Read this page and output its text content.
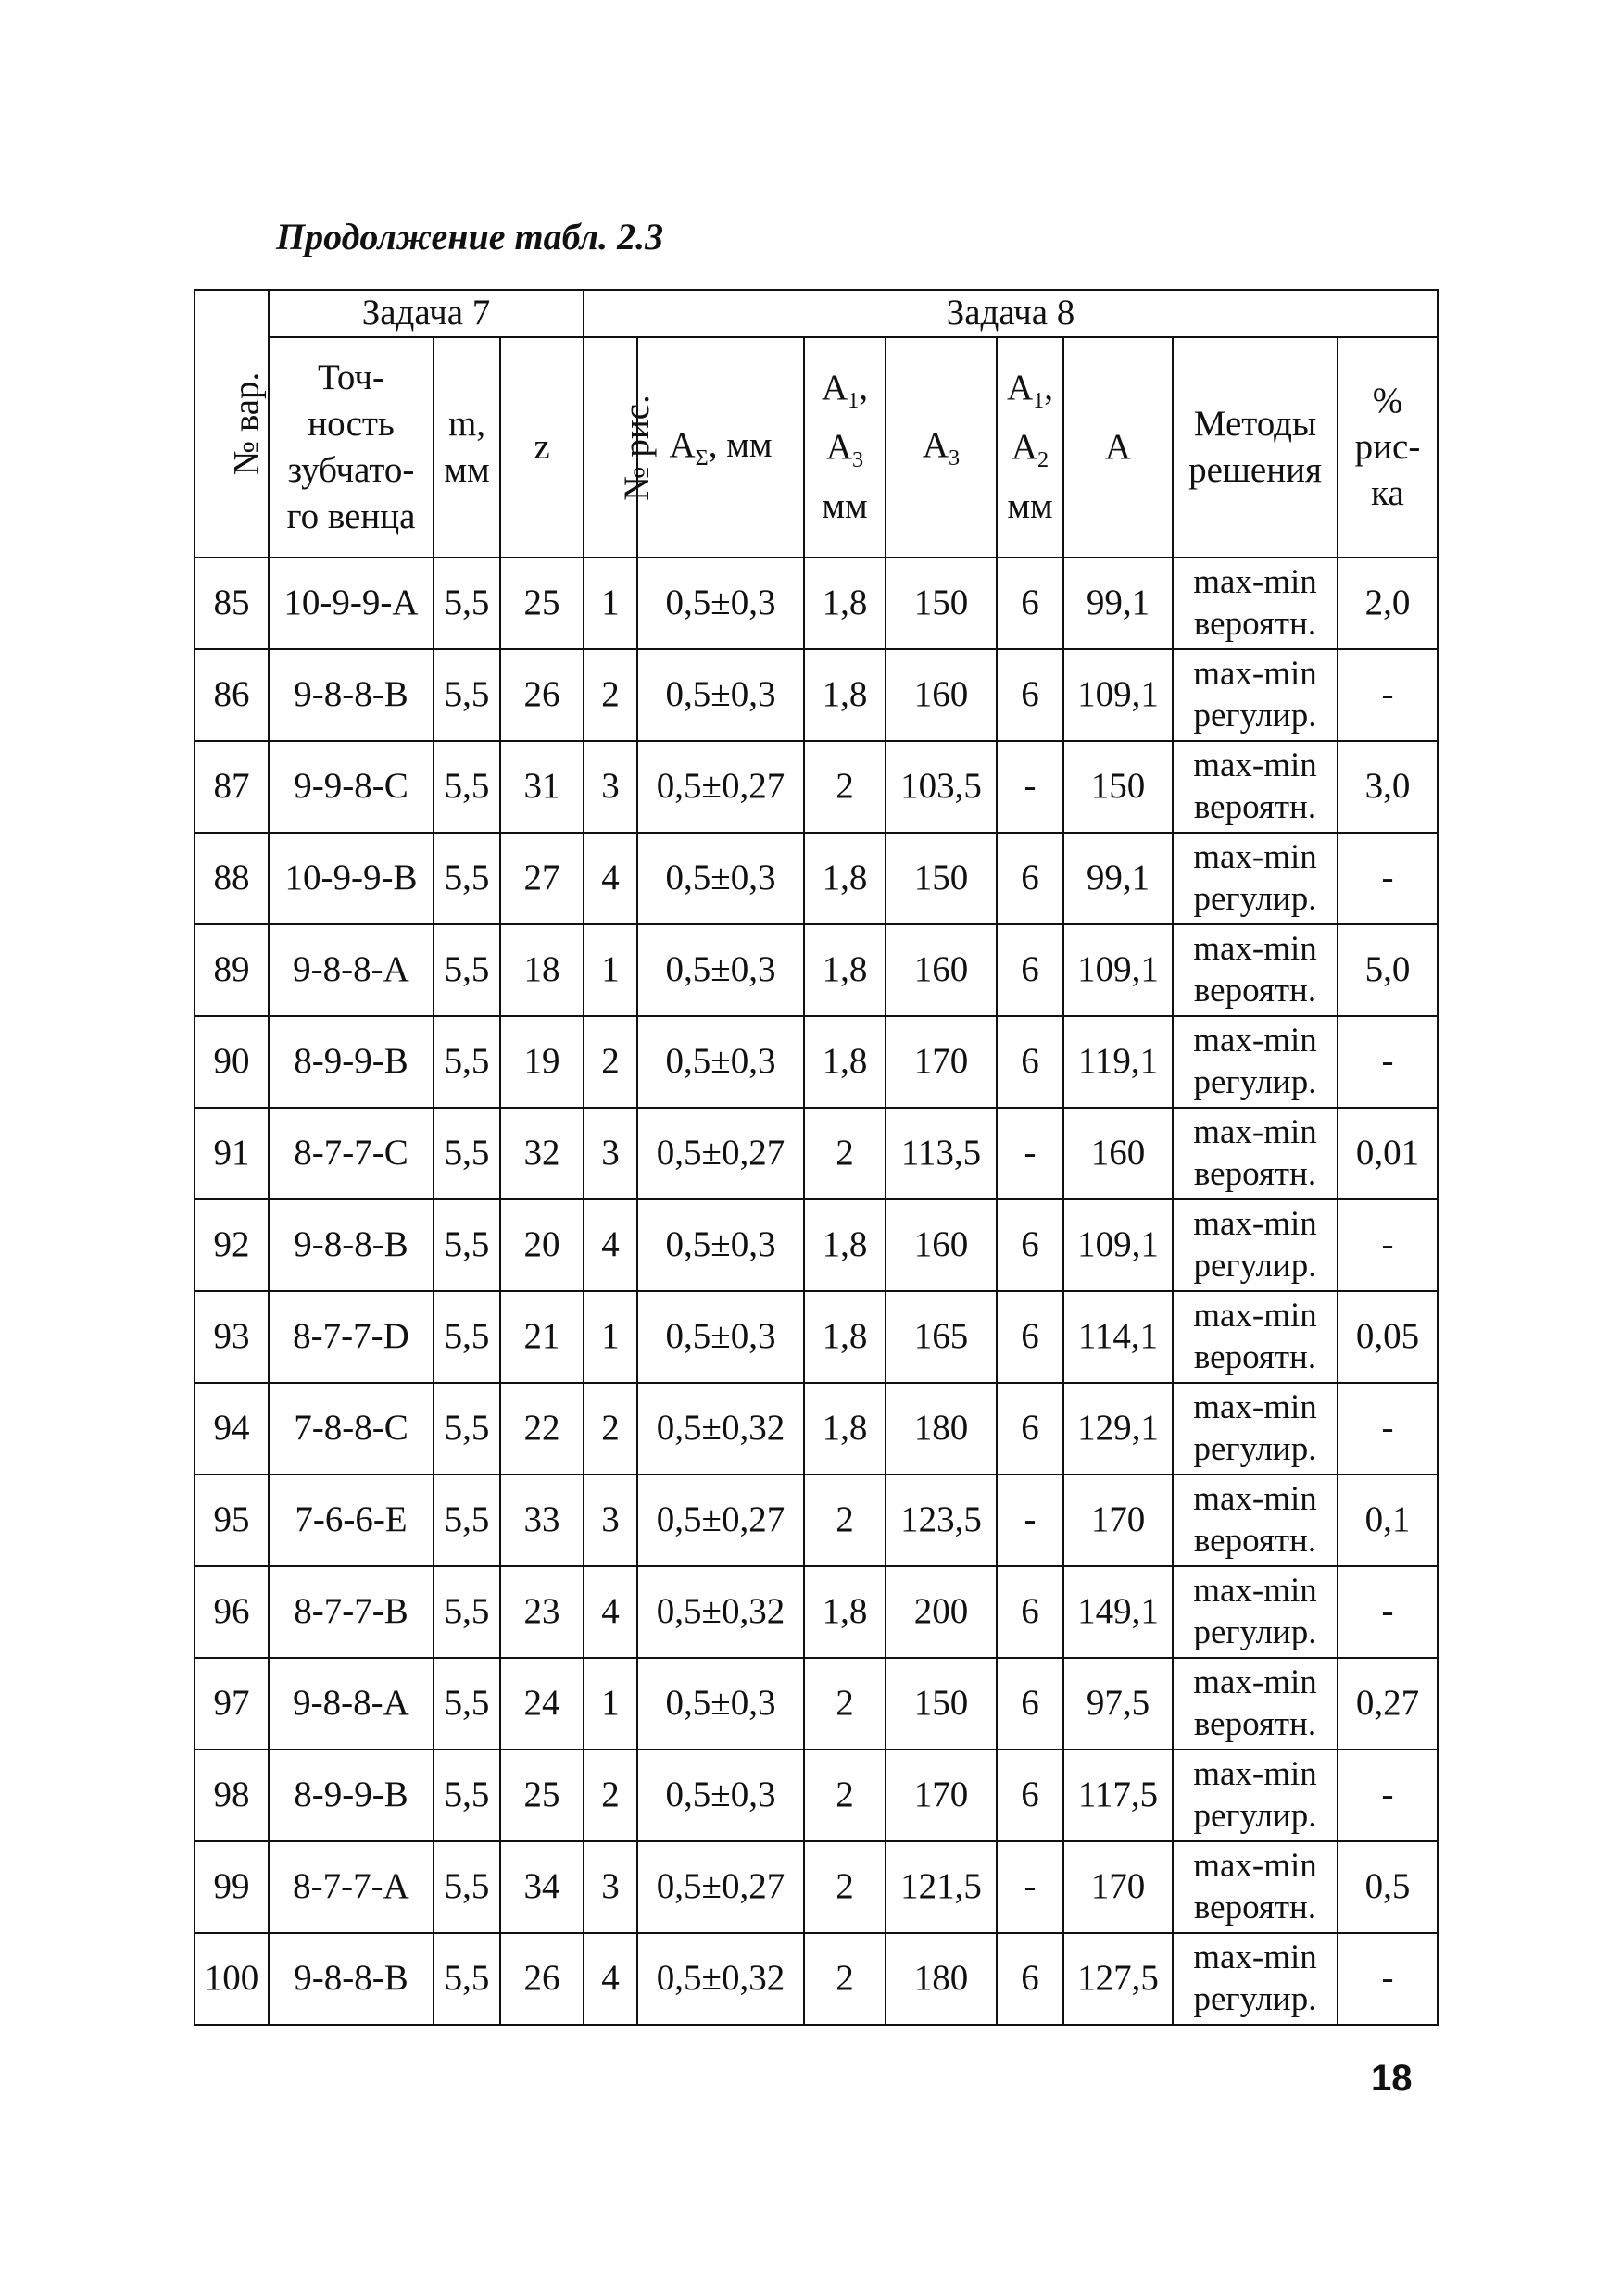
Продолжение табл. 2.3
№ вар.	Задача 7			Задача 8							

	Точ-
ность
зубчато-
го венца	m,
мм	z	№ рис.	$A_\Sigma$, мм	$A_1$,
$A_3$
мм	$A_3$	$A_1$,
$A_2$
мм	A	Методы
решения	%
рис-
ка

85	10-9-9-A	5,5	25	1	0,5±0,3	1,8	150	6	99,1	max-min
вероятн.	2,0
86	9-8-8-B	5,5	26	2	0,5±0,3	1,8	160	6	109,1	max-min
регулир.	-
87	9-9-8-C	5,5	31	3	0,5±0,27	2	103,5	-	150	max-min
вероятн.	3,0
88	10-9-9-B	5,5	27	4	0,5±0,3	1,8	150	6	99,1	max-min
регулир.	-
89	9-8-8-A	5,5	18	1	0,5±0,3	1,8	160	6	109,1	max-min
вероятн.	5,0
90	8-9-9-B	5,5	19	2	0,5±0,3	1,8	170	6	119,1	max-min
регулир.	-
91	8-7-7-C	5,5	32	3	0,5±0,27	2	113,5	-	160	max-min
вероятн.	0,01
92	9-8-8-B	5,5	20	4	0,5±0,3	1,8	160	6	109,1	max-min
регулир.	-
93	8-7-7-D	5,5	21	1	0,5±0,3	1,8	165	6	114,1	max-min
вероятн.	0,05
94	7-8-8-C	5,5	22	2	0,5±0,32	1,8	180	6	129,1	max-min
регулир.	-
95	7-6-6-E	5,5	33	3	0,5±0,27	2	123,5	-	170	max-min
вероятн.	0,1
96	8-7-7-B	5,5	23	4	0,5±0,32	1,8	200	6	149,1	max-min
регулир.	-
97	9-8-8-A	5,5	24	1	0,5±0,3	2	150	6	97,5	max-min
вероятн.	0,27
98	8-9-9-B	5,5	25	2	0,5±0,3	2	170	6	117,5	max-min
регулир.	-
99	8-7-7-A	5,5	34	3	0,5±0,27	2	121,5	-	170	max-min
вероятн.	0,5
100	9-8-8-B	5,5	26	4	0,5±0,32	2	180	6	127,5	max-min
регулир.	-
18
